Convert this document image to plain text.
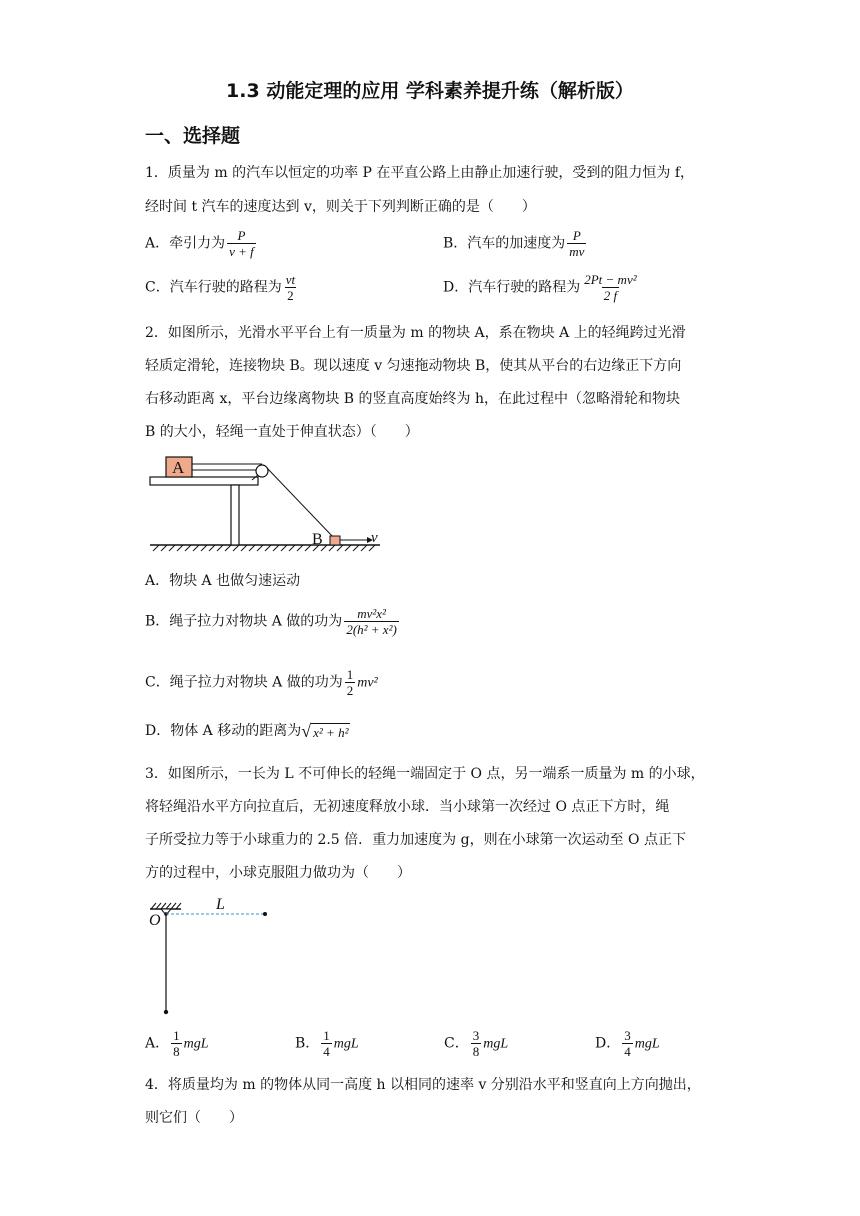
1.3 动能定理的应用 学科素养提升练（解析版）
一、选择题
1．质量为 m 的汽车以恒定的功率 P 在平直公路上由静止加速行驶，受到的阻力恒为 f，
经时间 t 汽车的速度达到 v，则关于下列判断正确的是（　　）
A．牵引力为 $\frac{P}{v + f}$	B．汽车的加速度为 $\frac{P}{mv}$
C．汽车行驶的路程为 $\frac{vt}{2}$	D．汽车行驶的路程为 $\frac{\text{2Pt − mv²}}{2 f}$
2．如图所示，光滑水平平台上有一质量为 m 的物块 A，系在物块 A 上的轻绳跨过光滑
轻质定滑轮，连接物块 B。现以速度 v 匀速拖动物块 B，使其从平台的右边缘正下方向
右移动距离 x，平台边缘离物块 B 的竖直高度始终为 h，在此过程中（忽略滑轮和物块
B 的大小，轻绳一直处于伸直状态）（　　）
A
B	v
A．物块 A 也做匀速运动
B．绳子拉力对物块 A 做的功为 $\frac{\text{mv²x²}}{\text{2(h² + x²)}}$
C．绳子拉力对物块 A 做的功为 $\frac{1}{2} mv^2$
D．物体 A 移动的距离为 √ x² + h²
3．如图所示，一长为 L 不可伸长的轻绳一端固定于 O 点，另一端系一质量为 m 的小球，
将轻绳沿水平方向拉直后，无初速度释放小球．当小球第一次经过 O 点正下方时，绳
子所受拉力等于小球重力的 2.5 倍．重力加速度为 g，则在小球第一次运动至 O 点正下
方的过程中，小球克服阻力做功为（　　）
O
L
A． $\frac{1}{8}$ mgL	B． $\frac{1}{4}$ mgL	C． $\frac{3}{8}$ mgL	D． $\frac{3}{4}$ mgL
4．将质量均为 m 的物体从同一高度 h 以相同的速率 v 分别沿水平和竖直向上方向抛出，
则它们（　　）
